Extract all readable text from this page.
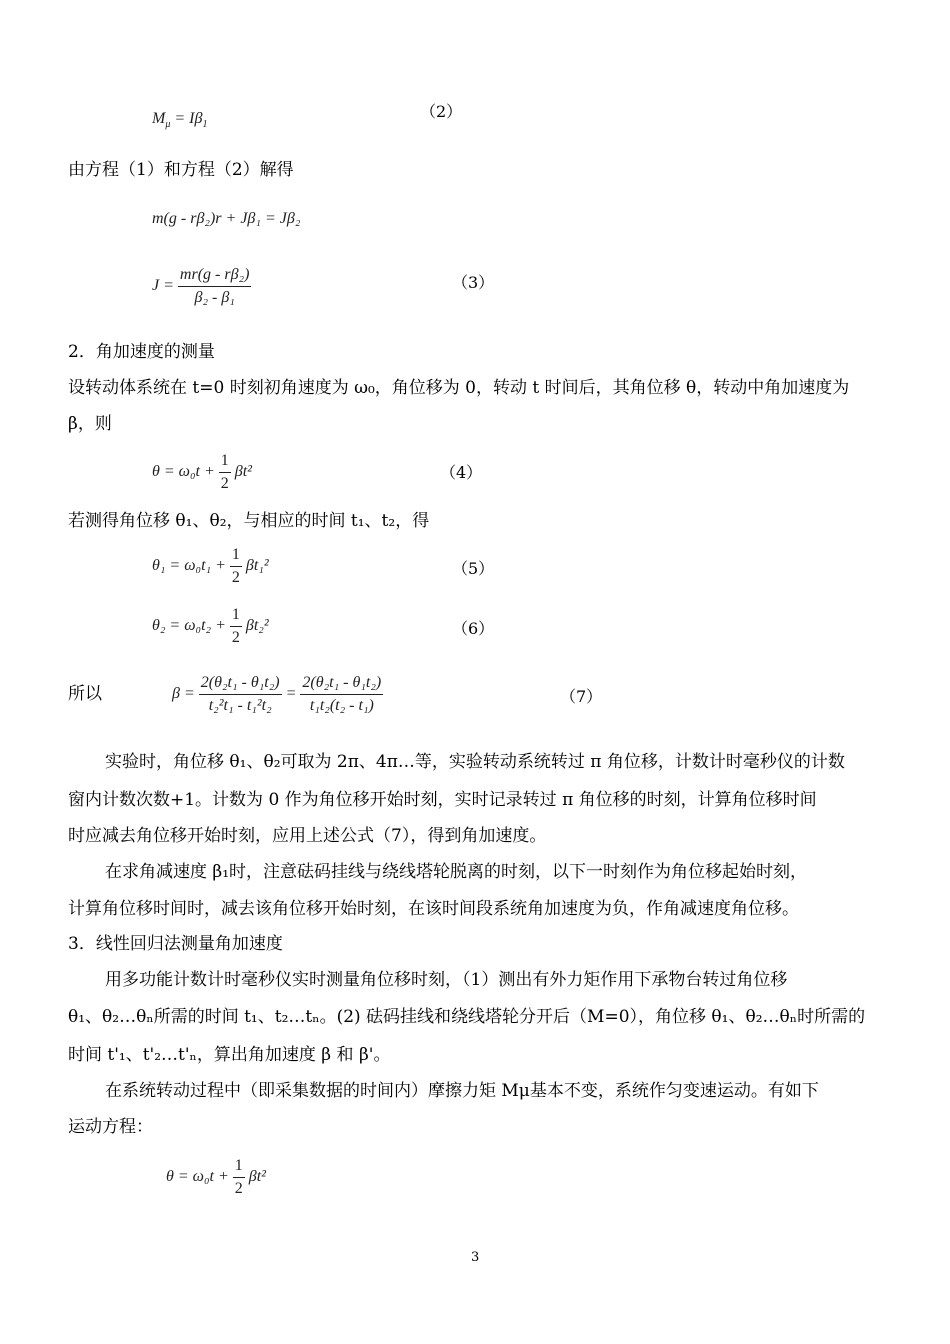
$M_\mu = I\beta_1$
（2）
由方程（1）和方程（2）解得
m(g - rβ₂)r + Jβ₁ = Jβ₂
$J = \frac{\text{mr(g - rβ₂)}}{\text{β₂ - β₁}}$	（3）
2．角加速度的测量
设转动体系统在 t=0 时刻初角速度为 ω₀，角位移为 0，转动 t 时间后，其角位移 θ，转动中角加速度为
β，则
$\theta = \omega_0t + \frac{1}{2} \beta t^2$	（4）
若测得角位移 θ₁、θ₂，与相应的时间 t₁、t₂，得
$\theta_1 = \omega_0t_1 + \frac{1}{2} \beta t_1^2$	（5）
$\theta_2 = \omega_0t_2 + \frac{1}{2} \beta t_2^2$	（6）
所以	$\beta = \frac{\text{2(θ₂t₁ - θ₁t₂)}}{\text{t₂²t₁ - t₁²t₂}} = \frac{\text{2(θ₂t₁ - θ₁t₂)}}{\text{t₁t₂(t₂ - t₁)}}$	（7）
实验时，角位移 θ₁、θ₂可取为 2π、4π…等，实验转动系统转过 π 角位移，计数计时毫秒仪的计数
窗内计数次数+1。计数为 0 作为角位移开始时刻，实时记录转过 π 角位移的时刻，计算角位移时间
时应减去角位移开始时刻，应用上述公式（7），得到角加速度。
在求角减速度 β₁时，注意砝码挂线与绕线塔轮脱离的时刻，以下一时刻作为角位移起始时刻，
计算角位移时间时，减去该角位移开始时刻，在该时间段系统角加速度为负，作角减速度角位移。
3．线性回归法测量角加速度
用多功能计数计时毫秒仪实时测量角位移时刻，（1）测出有外力矩作用下承物台转过角位移
θ₁、θ₂…θₙ所需的时间 t₁、t₂…tₙ。(2) 砝码挂线和绕线塔轮分开后（M=0），角位移 θ₁、θ₂…θₙ时所需的
时间 t'₁、t'₂…t'ₙ，算出角加速度 β 和 β'。
在系统转动过程中（即采集数据的时间内）摩擦力矩 Mμ基本不变，系统作匀变速运动。有如下
运动方程：
$\theta = \omega_0t + \frac{1}{2} \beta t^2$
3
